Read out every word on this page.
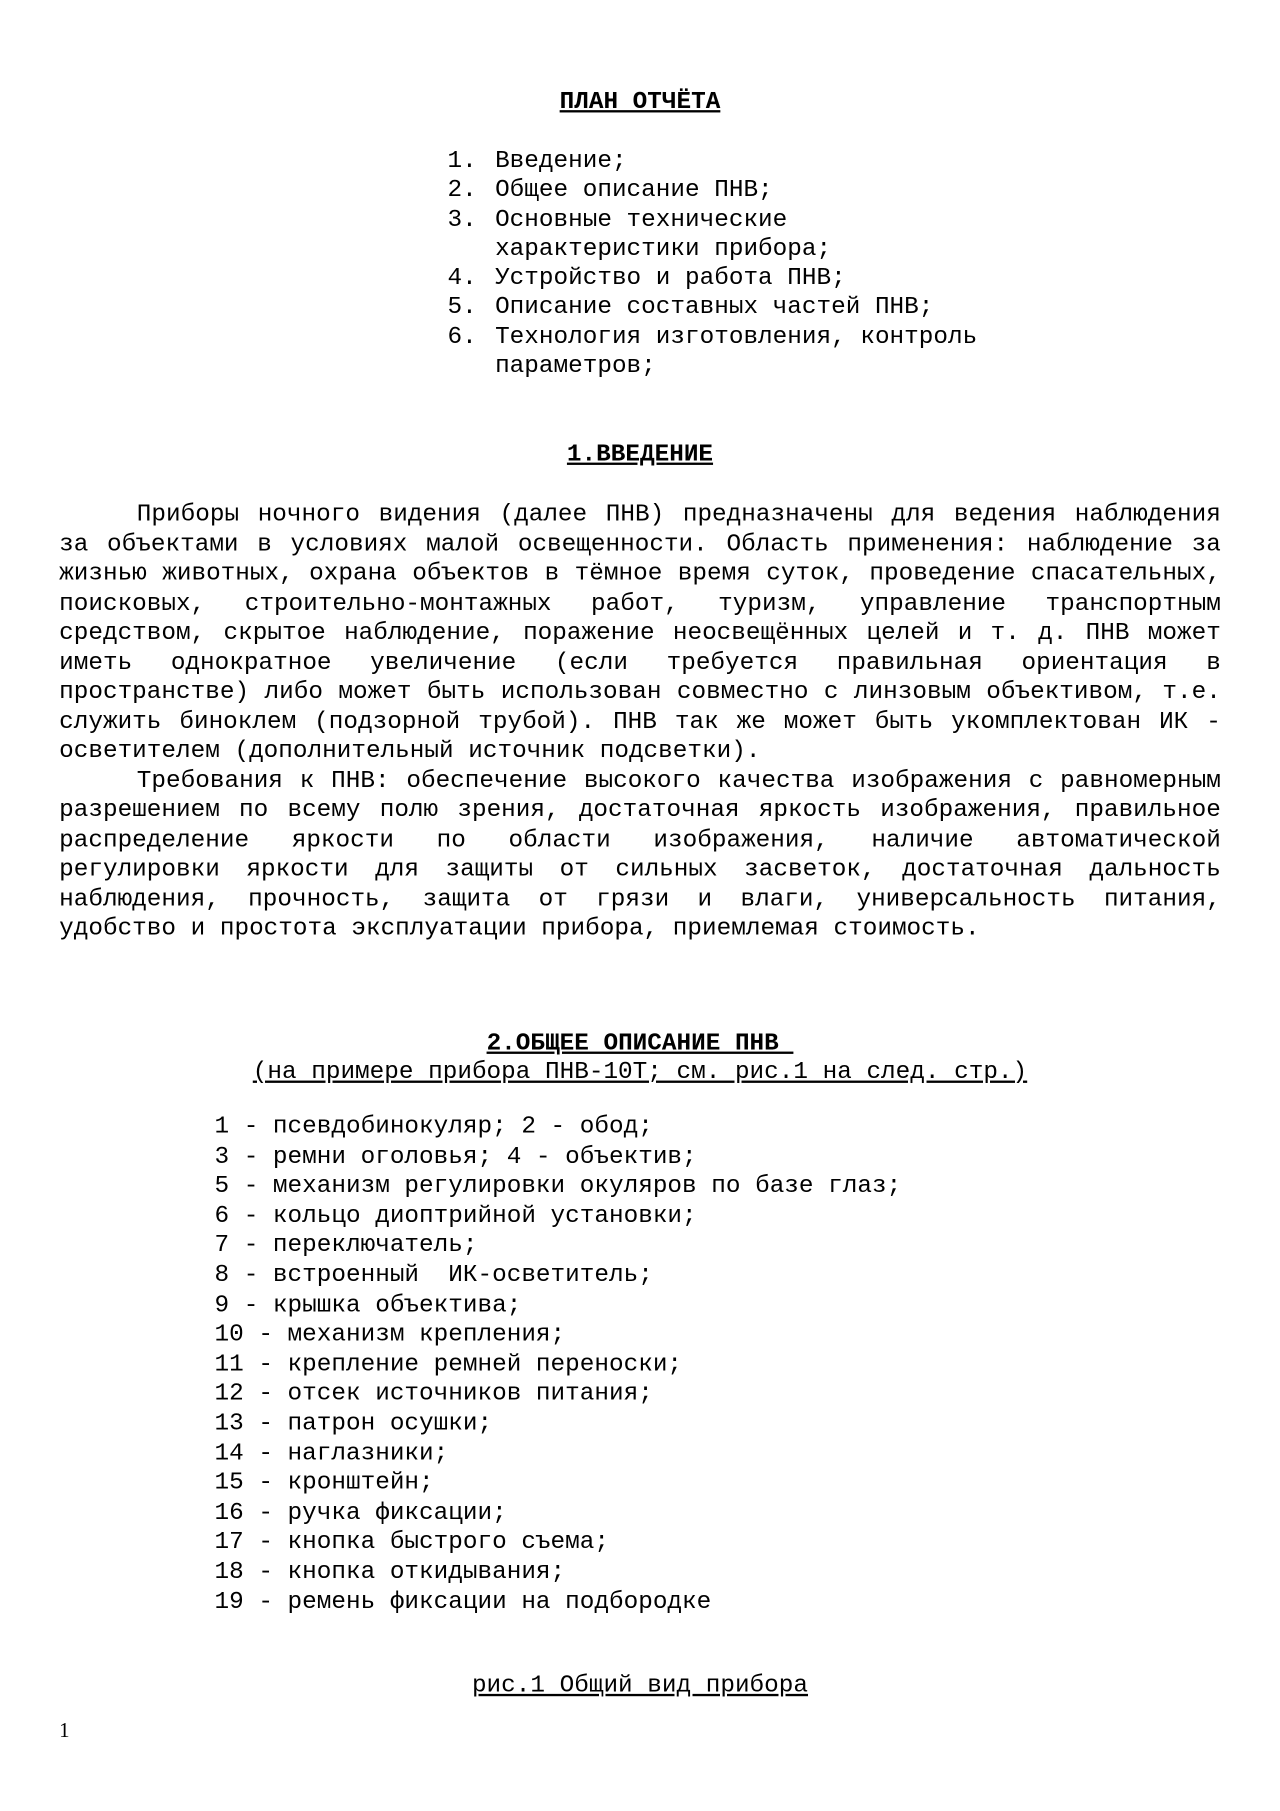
ПЛАН ОТЧЁТА
1. Введение;
2. Общее описание ПНВ;
3. Основные технические характеристики прибора;
4. Устройство и работа ПНВ;
5. Описание составных частей ПНВ;
6. Технология изготовления, контроль параметров;
1.ВВЕДЕНИЕ

Приборы ночного видения (далее ПНВ) предназначены для ведения наблюдения за объектами в условиях малой освещенности. Область применения: наблюдение за жизнью животных, охрана объектов в тёмное время суток, проведение спасательных, поисковых, строительно-монтажных работ, туризм, управление транспортным средством, скрытое наблюдение, поражение неосвещённых целей и т. д. ПНВ может иметь однократное увеличение (если требуется правильная ориентация в пространстве) либо может быть использован совместно с линзовым объективом, т.е. служить биноклем (подзорной трубой). ПНВ так же может быть укомплектован ИК - осветителем (дополнительный источник подсветки).

Требования к ПНВ: обеспечение высокого качества изображения с равномерным разрешением по всему полю зрения, достаточная яркость изображения, правильное распределение яркости по области изображения, наличие автоматической регулировки яркости для защиты от сильных засветок, достаточная дальность наблюдения, прочность, защита от грязи и влаги, универсальность питания, удобство и простота эксплуатации прибора, приемлемая стоимость.

2.ОБЩЕЕ ОПИСАНИЕ ПНВ
(на примере прибора ПНВ-10Т; см. рис.1 на след. стр.)
1 - псевдобинокуляр; 2 - обод;
3 - ремни оголовья; 4 - объектив;
5 - механизм регулировки окуляров по базе глаз;
6 - кольцо диоптрийной установки;
7 - переключатель;
8 - встроенный  ИК-осветитель;
9 - крышка объектива;
10 - механизм крепления;
11 - крепление ремней переноски;
12 - отсек источников питания;
13 - патрон осушки;
14 - наглазники;
15 - кронштейн;
16 - ручка фиксации;
17 - кнопка быстрого съема;
18 - кнопка откидывания;
19 - ремень фиксации на подбородке
рис.1 Общий вид прибора
1
